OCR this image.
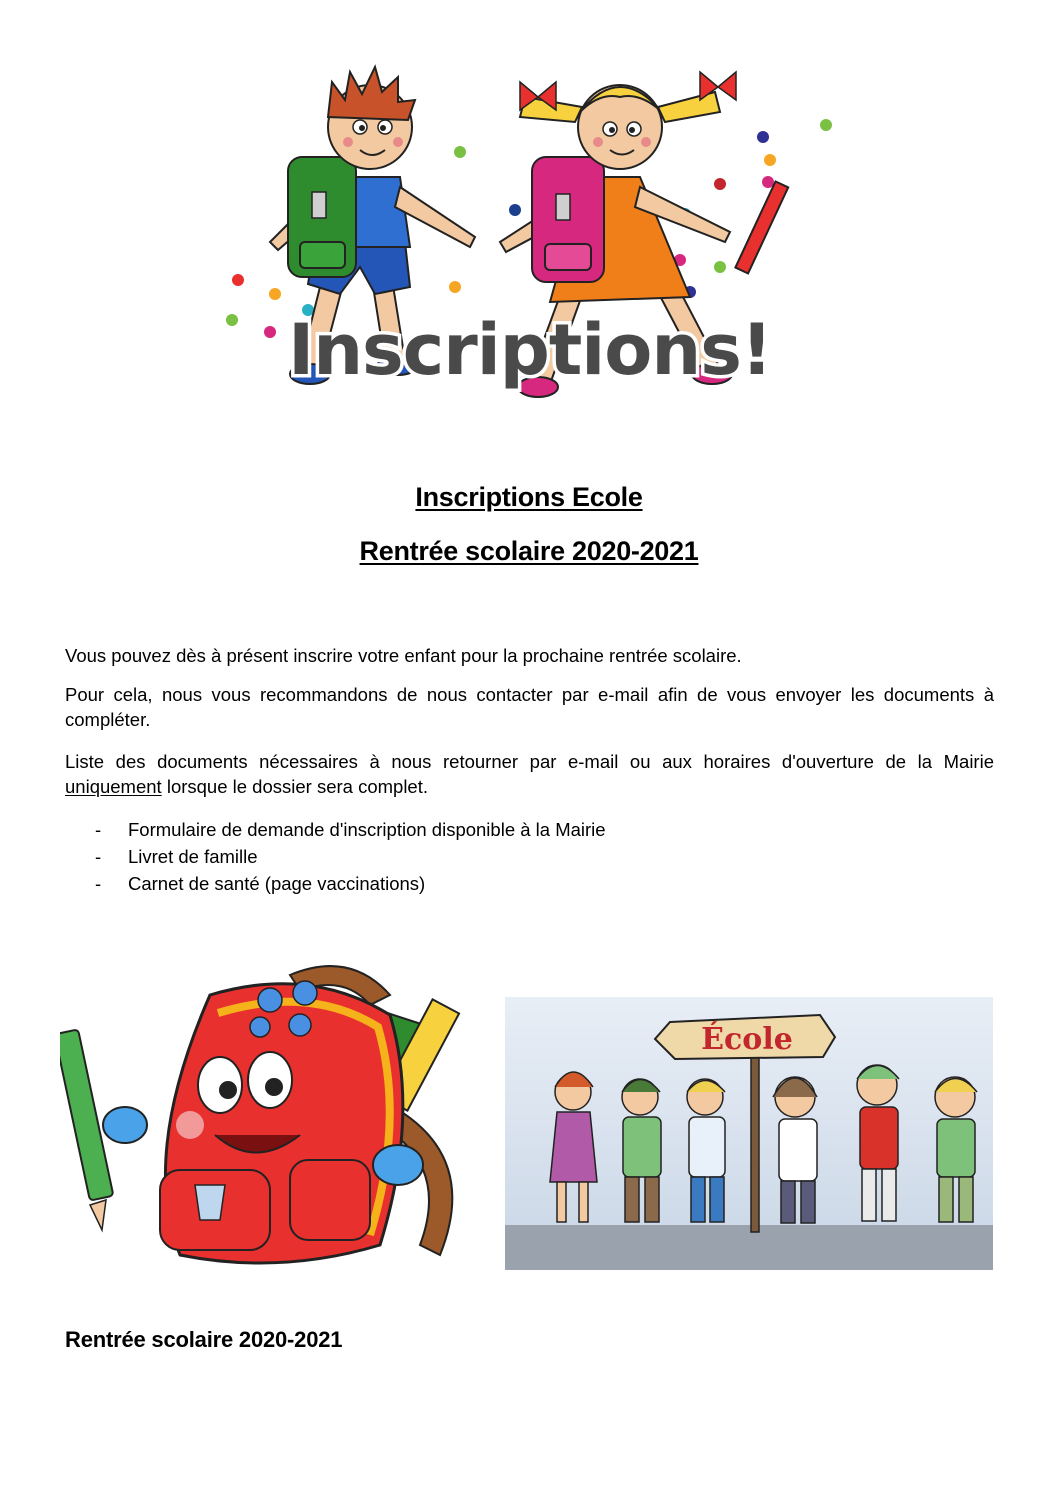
Inscriptions!
Inscriptions Ecole
Rentrée scolaire 2020-2021

Vous pouvez dès à présent inscrire votre enfant pour la prochaine rentrée scolaire.

Pour cela, nous vous recommandons de nous contacter par e-mail afin de vous envoyer les documents à compléter.

Liste des documents nécessaires à nous retourner par e-mail ou aux horaires d'ouverture de la Mairie uniquement lorsque le dossier sera complet.

-	Formulaire de demande d'inscription disponible à la Mairie
-	Livret de famille
-	Carnet de santé (page vaccinations)
École
Rentrée scolaire 2020-2021
